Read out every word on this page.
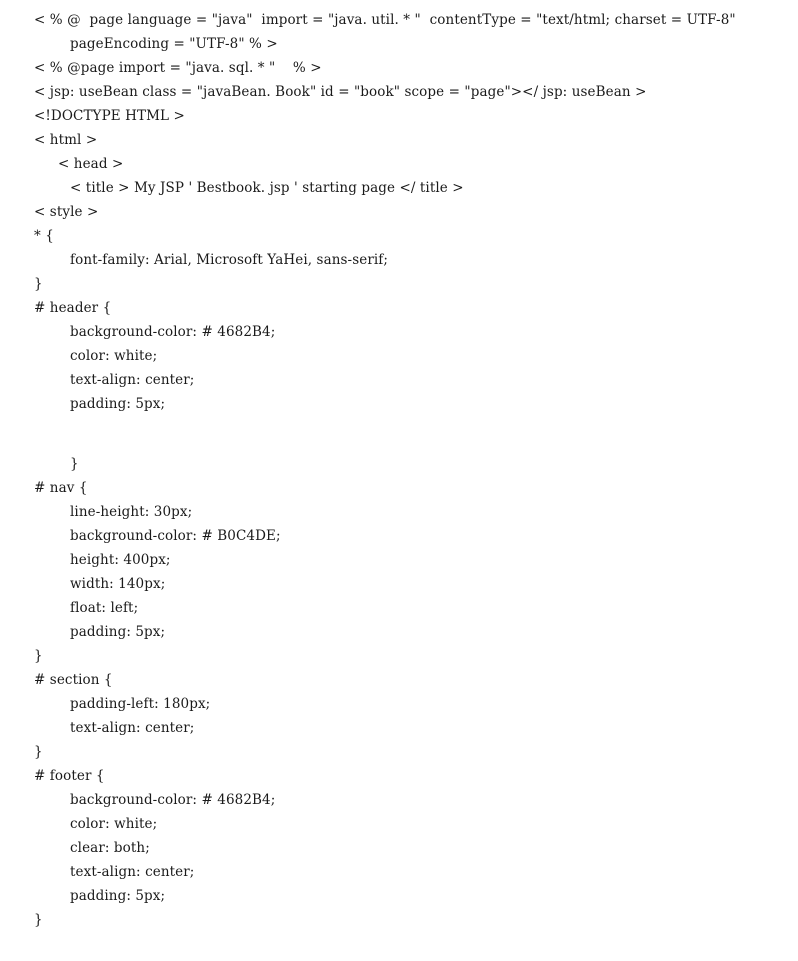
< % @  page language = "java"  import = "java. util. * "  contentType = "text/html; charset = UTF-8"
pageEncoding = "UTF-8" % >
< % @page import = "java. sql. * "    % >
< jsp: useBean class = "javaBean. Book" id = "book" scope = "page"></ jsp: useBean >
<!DOCTYPE HTML >
< html >
< head >
< title > My JSP ' Bestbook. jsp ' starting page </ title >
< style >
* {
font-family: Arial, Microsoft YaHei, sans-serif;
}
# header {
background-color: # 4682B4;
color: white;
text-align: center;
padding: 5px;
}
# nav {
line-height: 30px;
background-color: # B0C4DE;
height: 400px;
width: 140px;
float: left;
padding: 5px;
}
# section {
padding-left: 180px;
text-align: center;
}
# footer {
background-color: # 4682B4;
color: white;
clear: both;
text-align: center;
padding: 5px;
}
